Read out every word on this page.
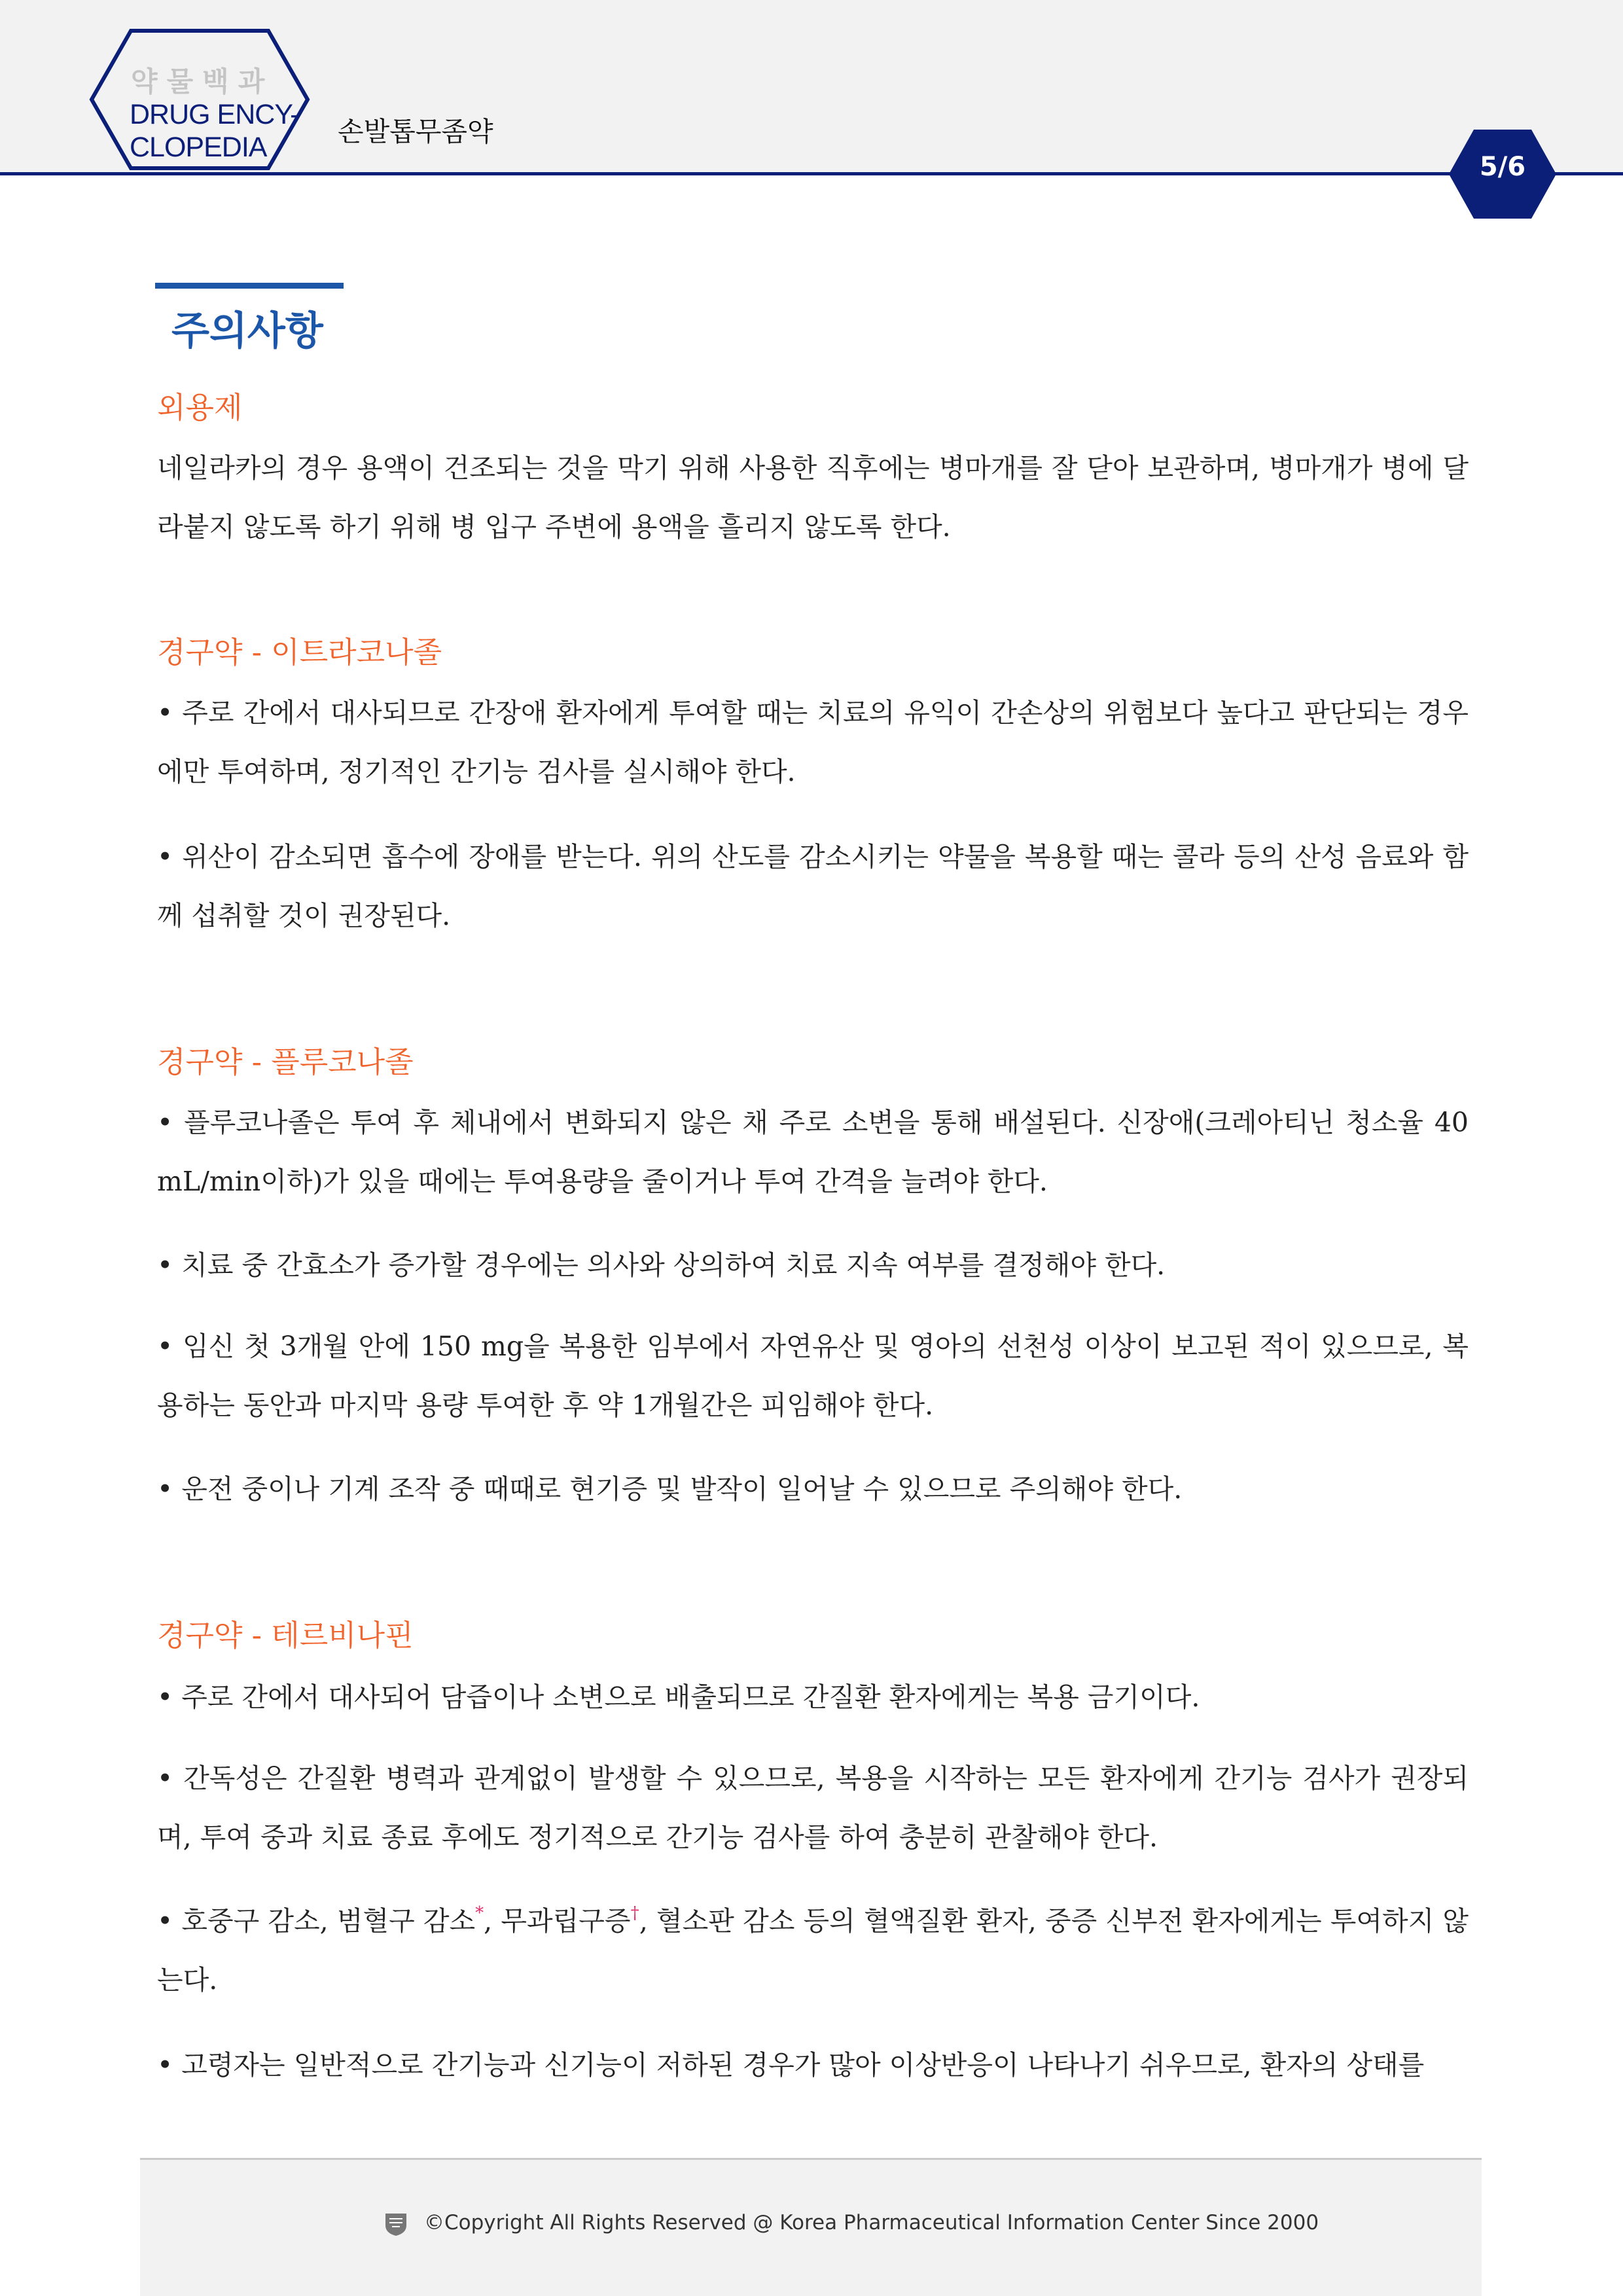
약물백과
DRUG ENCY-
CLOPEDIA	손발톱무좀약
5/6
주의사항
외용제

네일라카의 경우 용액이 건조되는 것을 막기 위해 사용한 직후에는 병마개를 잘 닫아 보관하며, 병마개가 병에 달라붙지 않도록 하기 위해 병 입구 주변에 용액을 흘리지 않도록 한다.

경구약 - 이트라코나졸

• 주로 간에서 대사되므로 간장애 환자에게 투여할 때는 치료의 유익이 간손상의 위험보다 높다고 판단되는 경우에만 투여하며, 정기적인 간기능 검사를 실시해야 한다.

• 위산이 감소되면 흡수에 장애를 받는다. 위의 산도를 감소시키는 약물을 복용할 때는 콜라 등의 산성 음료와 함께 섭취할 것이 권장된다.

경구약 - 플루코나졸

• 플루코나졸은 투여 후 체내에서 변화되지 않은 채 주로 소변을 통해 배설된다. 신장애(크레아티닌 청소율 40 mL/min이하)가 있을 때에는 투여용량을 줄이거나 투여 간격을 늘려야 한다.

• 치료 중 간효소가 증가할 경우에는 의사와 상의하여 치료 지속 여부를 결정해야 한다.

• 임신 첫 3개월 안에 150 mg을 복용한 임부에서 자연유산 및 영아의 선천성 이상이 보고된 적이 있으므로, 복용하는 동안과 마지막 용량 투여한 후 약 1개월간은 피임해야 한다.

• 운전 중이나 기계 조작 중 때때로 현기증 및 발작이 일어날 수 있으므로 주의해야 한다.

경구약 - 테르비나핀

• 주로 간에서 대사되어 담즙이나 소변으로 배출되므로 간질환 환자에게는 복용 금기이다.

• 간독성은 간질환 병력과 관계없이 발생할 수 있으므로, 복용을 시작하는 모든 환자에게 간기능 검사가 권장되며, 투여 중과 치료 종료 후에도 정기적으로 간기능 검사를 하여 충분히 관찰해야 한다.

• 호중구 감소, 범혈구 감소*, 무과립구증†, 혈소판 감소 등의 혈액질환 환자, 중증 신부전 환자에게는 투여하지 않는다.

• 고령자는 일반적으로 간기능과 신기능이 저하된 경우가 많아 이상반응이 나타나기 쉬우므로, 환자의 상태를

©Copyright All Rights Reserved @ Korea Pharmaceutical Information Center Since 2000
